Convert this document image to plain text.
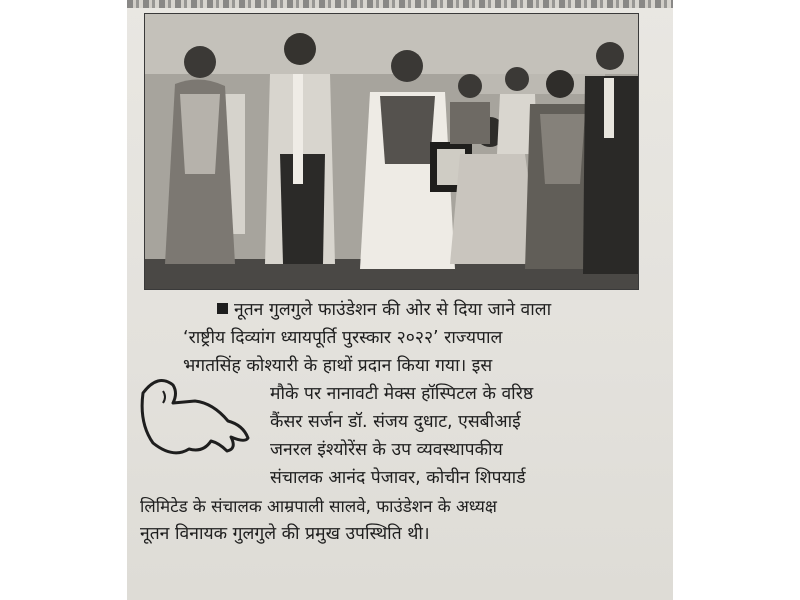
नूतन गुलगुले फाउंडेशन की ओर से दिया जाने वाला
‘राष्ट्रीय दिव्यांग ध्यायपूर्ति पुरस्कार २०२२’ राज्यपाल
भगतसिंह कोश्यारी के हाथों प्रदान किया गया। इस
मौके पर नानावटी मेक्स हॉस्पिटल के वरिष्ठ
कैंसर सर्जन डॉ. संजय दुधाट, एसबीआई
जनरल इंश्योरेंस के उप व्यवस्थापकीय
संचालक आनंद पेजावर, कोचीन शिपयार्ड
लिमिटेड के संचालक आम्रपाली सालवे, फाउंडेशन के अध्यक्ष
नूतन विनायक गुलगुले की प्रमुख उपस्थिति थी।
